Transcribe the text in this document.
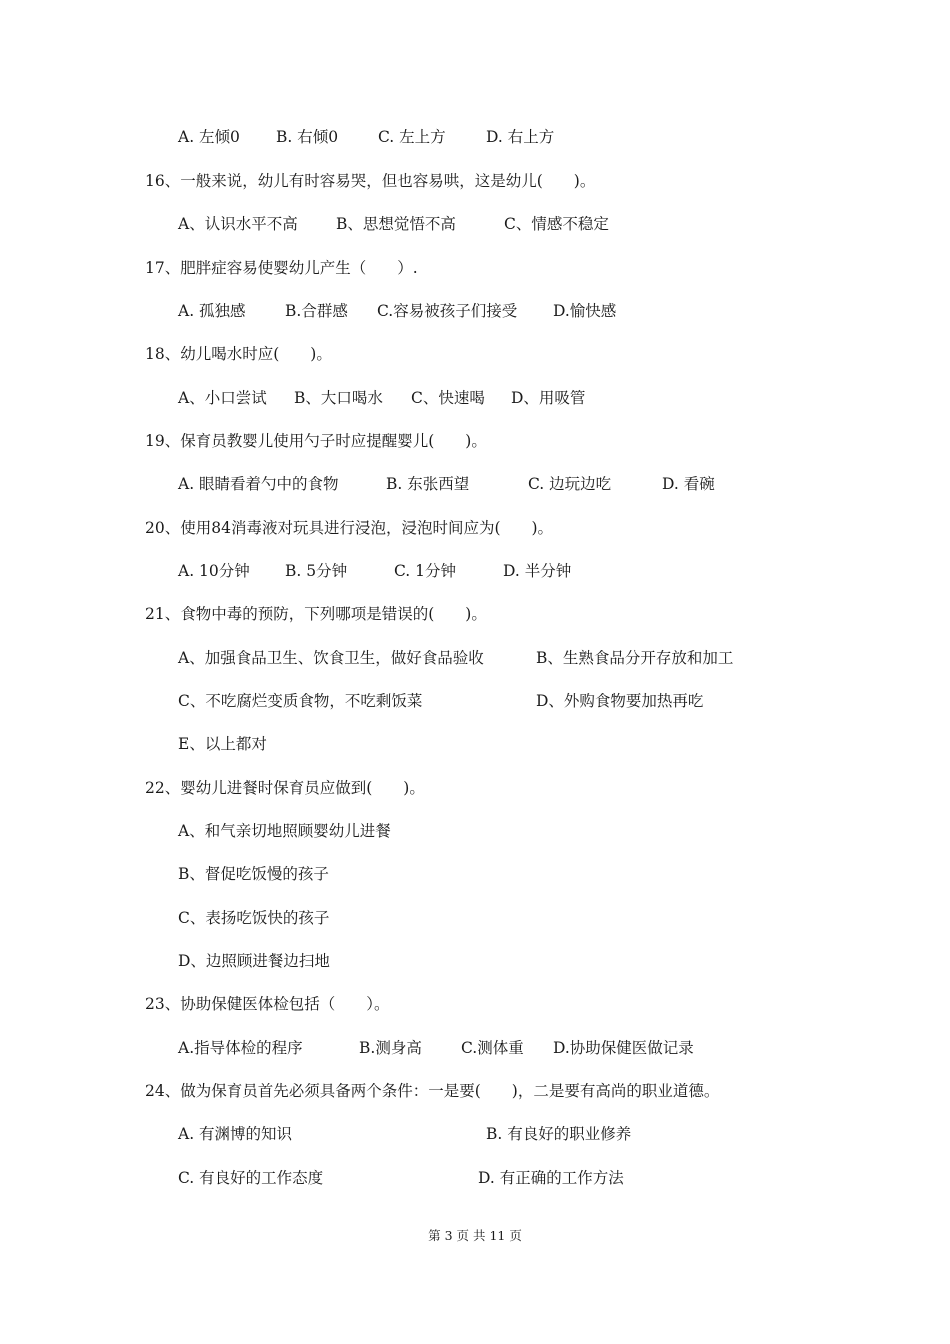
A. 左倾0

B. 右倾0

	C. 左上方

	D. 右上方

16、一般来说，幼儿有时容易哭，但也容易哄，这是幼儿(　　)。

A、认识水平不高

B、思想觉悟不高

	C、情感不稳定

17、肥胖症容易使婴幼儿产生（　　）.

A. 孤独感

	B.合群感

C.容易被孩子们接受

D.愉快感

18、幼儿喝水时应(　　)。

A、小口尝试

B、大口喝水

C、快速喝

D、用吸管

19、保育员教婴儿使用勺子时应提醒婴儿(　　)。

A. 眼睛看着勺中的食物

	B. 东张西望

	C. 边玩边吃

	D. 看碗

20、使用84消毒液对玩具进行浸泡，浸泡时间应为(　　)。

A. 10分钟

B. 5分钟

	C. 1分钟

	D. 半分钟

21、食物中毒的预防，下列哪项是错误的(　　)。

A、加强食品卫生、饮食卫生，做好食品验收

	B、生熟食品分开存放和加工

C、不吃腐烂变质食物，不吃剩饭菜

	D、外购食物要加热再吃

E、以上都对
22、婴幼儿进餐时保育员应做到(　　)。
A、和气亲切地照顾婴幼儿进餐
B、督促吃饭慢的孩子
C、表扬吃饭快的孩子
D、边照顾进餐边扫地
23、协助保健医体检包括（　　）。

A.指导体检的程序

	B.测身高

	C.测体重

D.协助保健医做记录

24、做为保育员首先必须具备两个条件：一是要(　　)，二是要有高尚的职业道德。

A. 有渊博的知识

	B. 有良好的职业修养

C. 有良好的工作态度

	D. 有正确的工作方法

第 3 页 共 11 页
